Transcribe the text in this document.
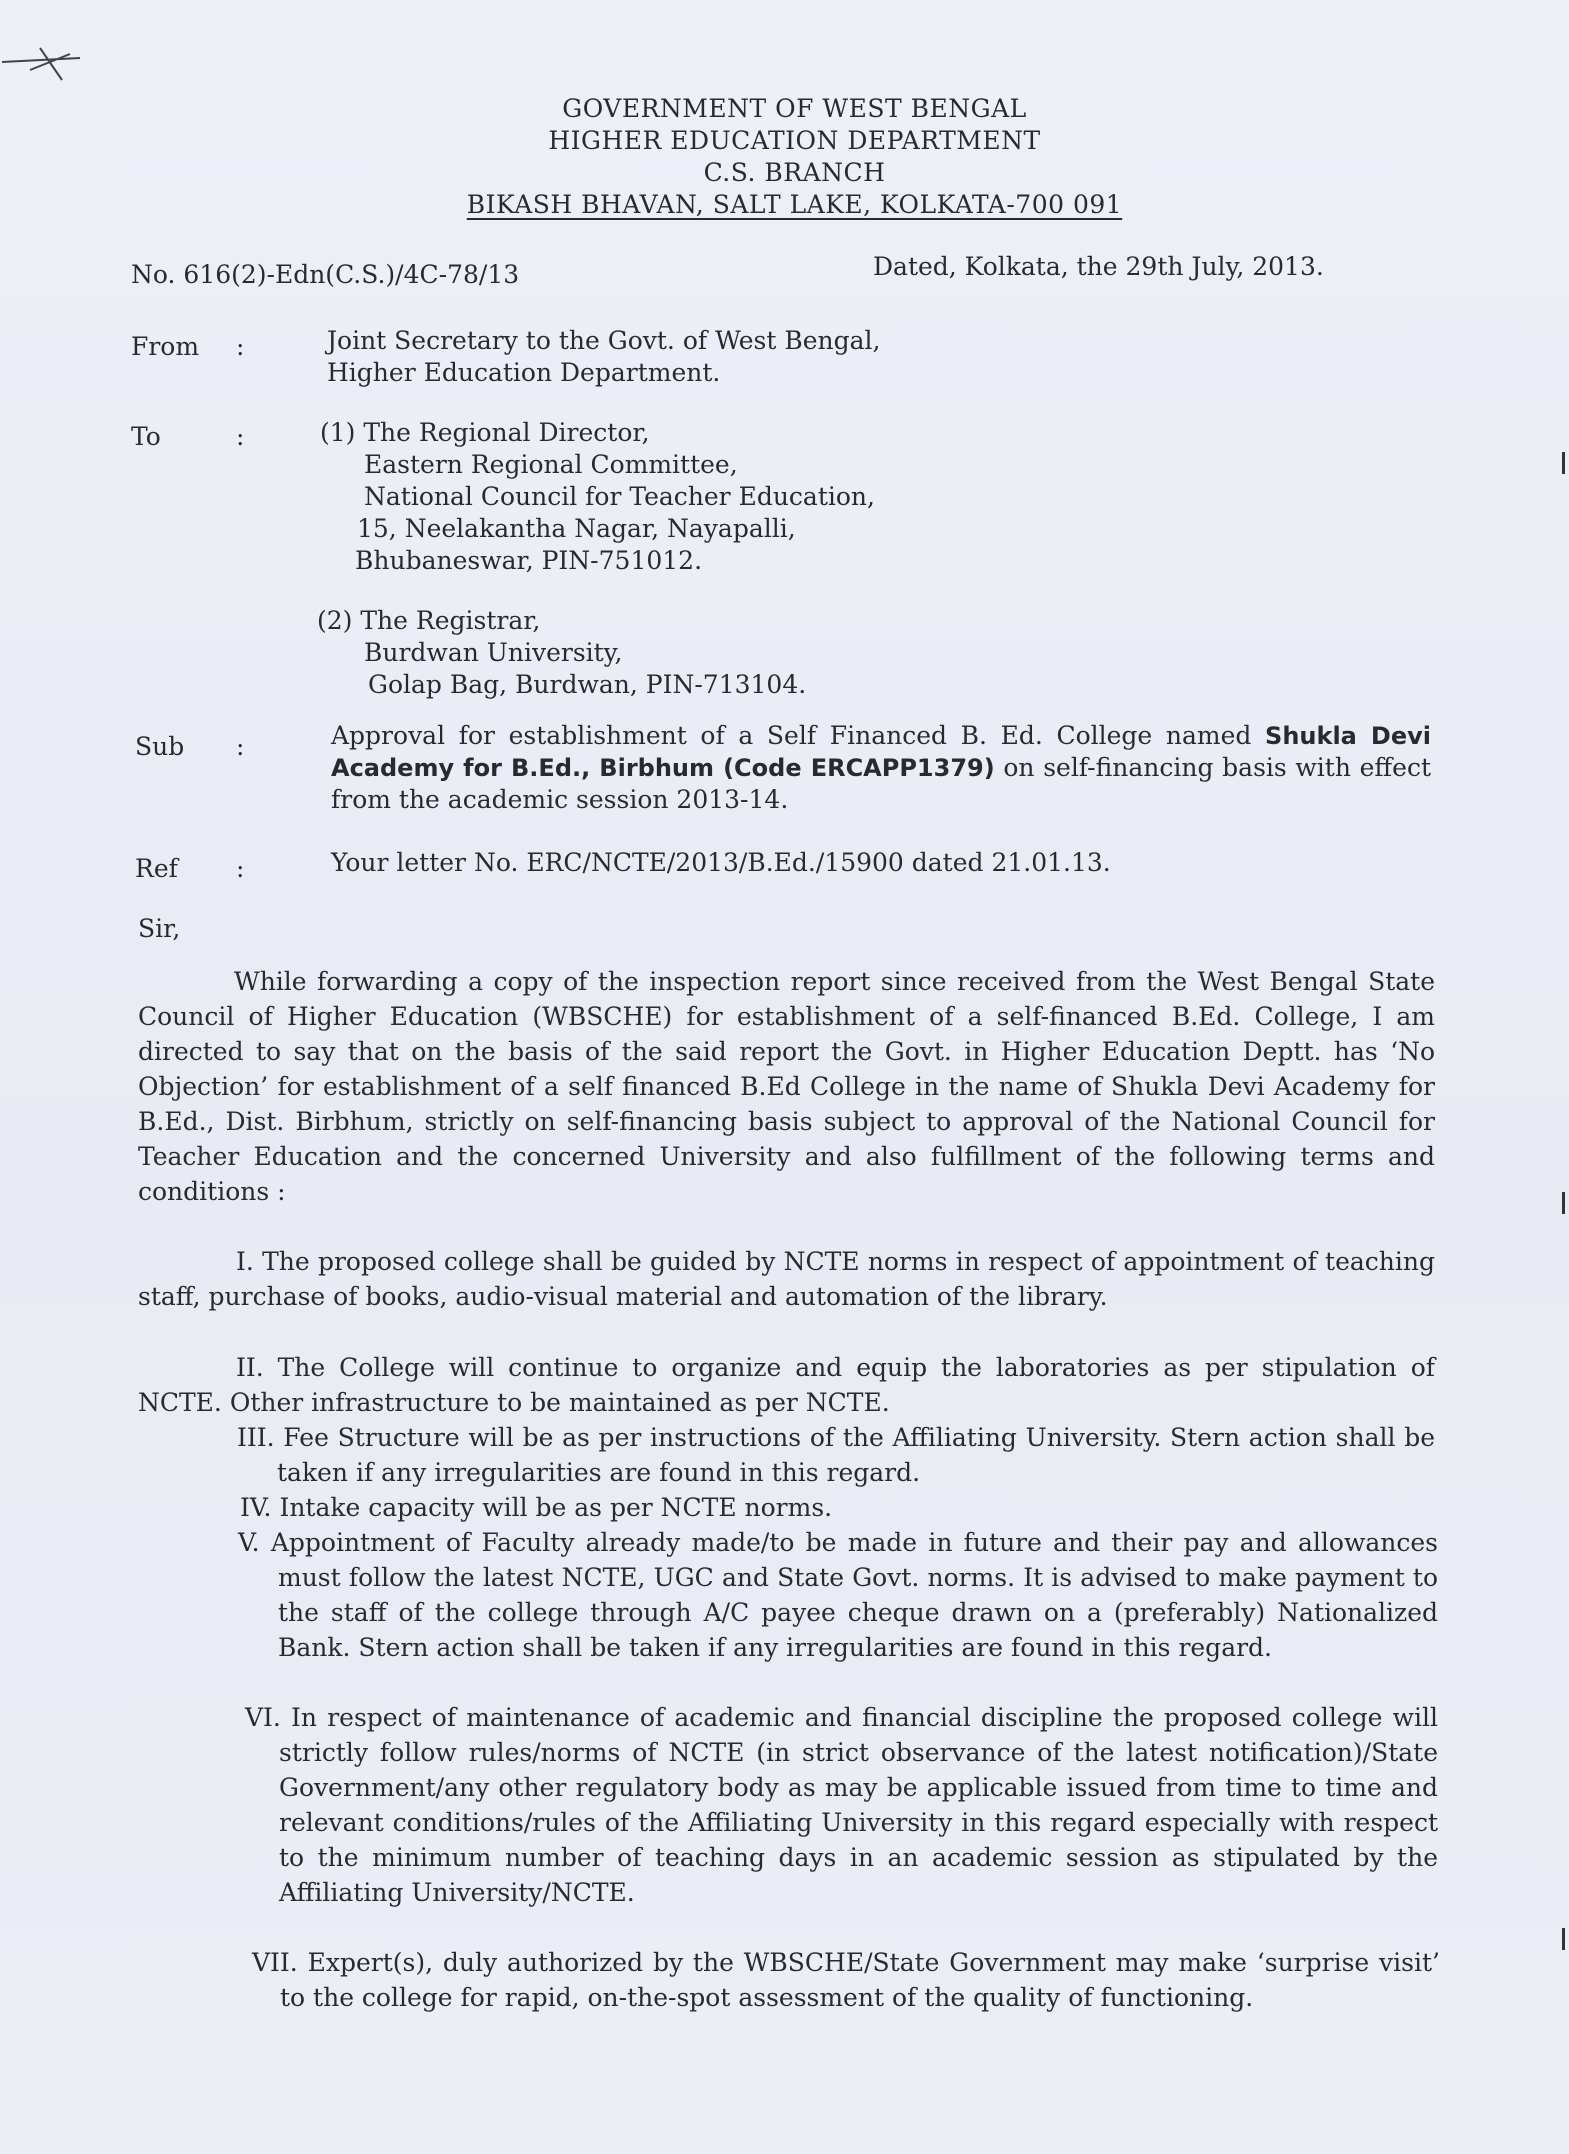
GOVERNMENT OF WEST BENGAL
HIGHER EDUCATION DEPARTMENT
C.S. BRANCH
BIKASH BHAVAN, SALT LAKE, KOLKATA-700 091
No. 616(2)-Edn(C.S.)/4C-78/13	Dated, Kolkata, the 29th July, 2013.
From :	Joint Secretary to the Govt. of West Bengal,
Higher Education Department.
To	:	(1) The Regional Director,
Eastern Regional Committee,
National Council for Teacher Education,
15, Neelakantha Nagar, Nayapalli,
Bhubaneswar, PIN-751012.
(2) The Registrar,
Burdwan University,
Golap Bag, Burdwan, PIN-713104.
Sub :	Approval for establishment of a Self Financed B. Ed. College named Shukla Devi Academy for B.Ed., Birbhum (Code ERCAPP1379) on self-financing basis with effect from the academic session 2013-14.
Ref :	Your letter No. ERC/NCTE/2013/B.Ed./15900 dated 21.01.13.
Sir,
While forwarding a copy of the inspection report since received from the West Bengal State Council of Higher Education (WBSCHE) for establishment of a self-financed B.Ed. College, I am directed to say that on the basis of the said report the Govt. in Higher Education Deptt. has ‘No Objection’ for establishment of a self financed B.Ed College in the name of Shukla Devi Academy for B.Ed., Dist. Birbhum, strictly on self-financing basis subject to approval of the National Council for Teacher Education and the concerned University and also fulfillment of the following terms and conditions :
I. The proposed college shall be guided by NCTE norms in respect of appointment of teaching staff, purchase of books, audio-visual material and automation of the library.
II. The College will continue to organize and equip the laboratories as per stipulation of NCTE. Other infrastructure to be maintained as per NCTE.
III. Fee Structure will be as per instructions of the Affiliating University. Stern action shall be taken if any irregularities are found in this regard.
IV. Intake capacity will be as per NCTE norms.
V. Appointment of Faculty already made/to be made in future and their pay and allowances must follow the latest NCTE, UGC and State Govt. norms. It is advised to make payment to the staff of the college through A/C payee cheque drawn on a (preferably) Nationalized Bank. Stern action shall be taken if any irregularities are found in this regard.
VI. In respect of maintenance of academic and financial discipline the proposed college will strictly follow rules/norms of NCTE (in strict observance of the latest notification)/State Government/any other regulatory body as may be applicable issued from time to time and relevant conditions/rules of the Affiliating University in this regard especially with respect to the minimum number of teaching days in an academic session as stipulated by the Affiliating University/NCTE.
VII. Expert(s), duly authorized by the WBSCHE/State Government may make ‘surprise visit’ to the college for rapid, on-the-spot assessment of the quality of functioning.
